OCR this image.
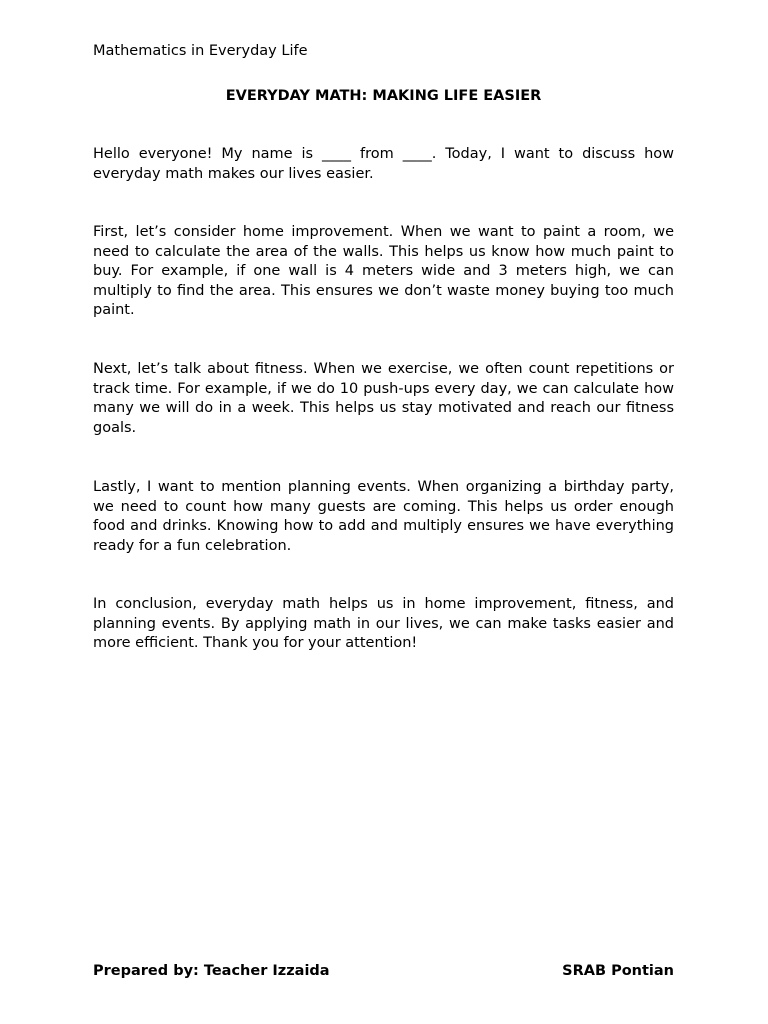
Mathematics in Everyday Life
EVERYDAY MATH: MAKING LIFE EASIER

Hello everyone! My name is ____ from ____. Today, I want to discuss how everyday math makes our lives easier.

First, let’s consider home improvement. When we want to paint a room, we need to calculate the area of the walls. This helps us know how much paint to buy. For example, if one wall is 4 meters wide and 3 meters high, we can multiply to find the area. This ensures we don’t waste money buying too much paint.

Next, let’s talk about fitness. When we exercise, we often count repetitions or track time. For example, if we do 10 push-ups every day, we can calculate how many we will do in a week. This helps us stay motivated and reach our fitness goals.

Lastly, I want to mention planning events. When organizing a birthday party, we need to count how many guests are coming. This helps us order enough food and drinks. Knowing how to add and multiply ensures we have everything ready for a fun celebration.

In conclusion, everyday math helps us in home improvement, fitness, and planning events. By applying math in our lives, we can make tasks easier and more efficient. Thank you for your attention!

Prepared by: Teacher Izzaida	SRAB Pontian
